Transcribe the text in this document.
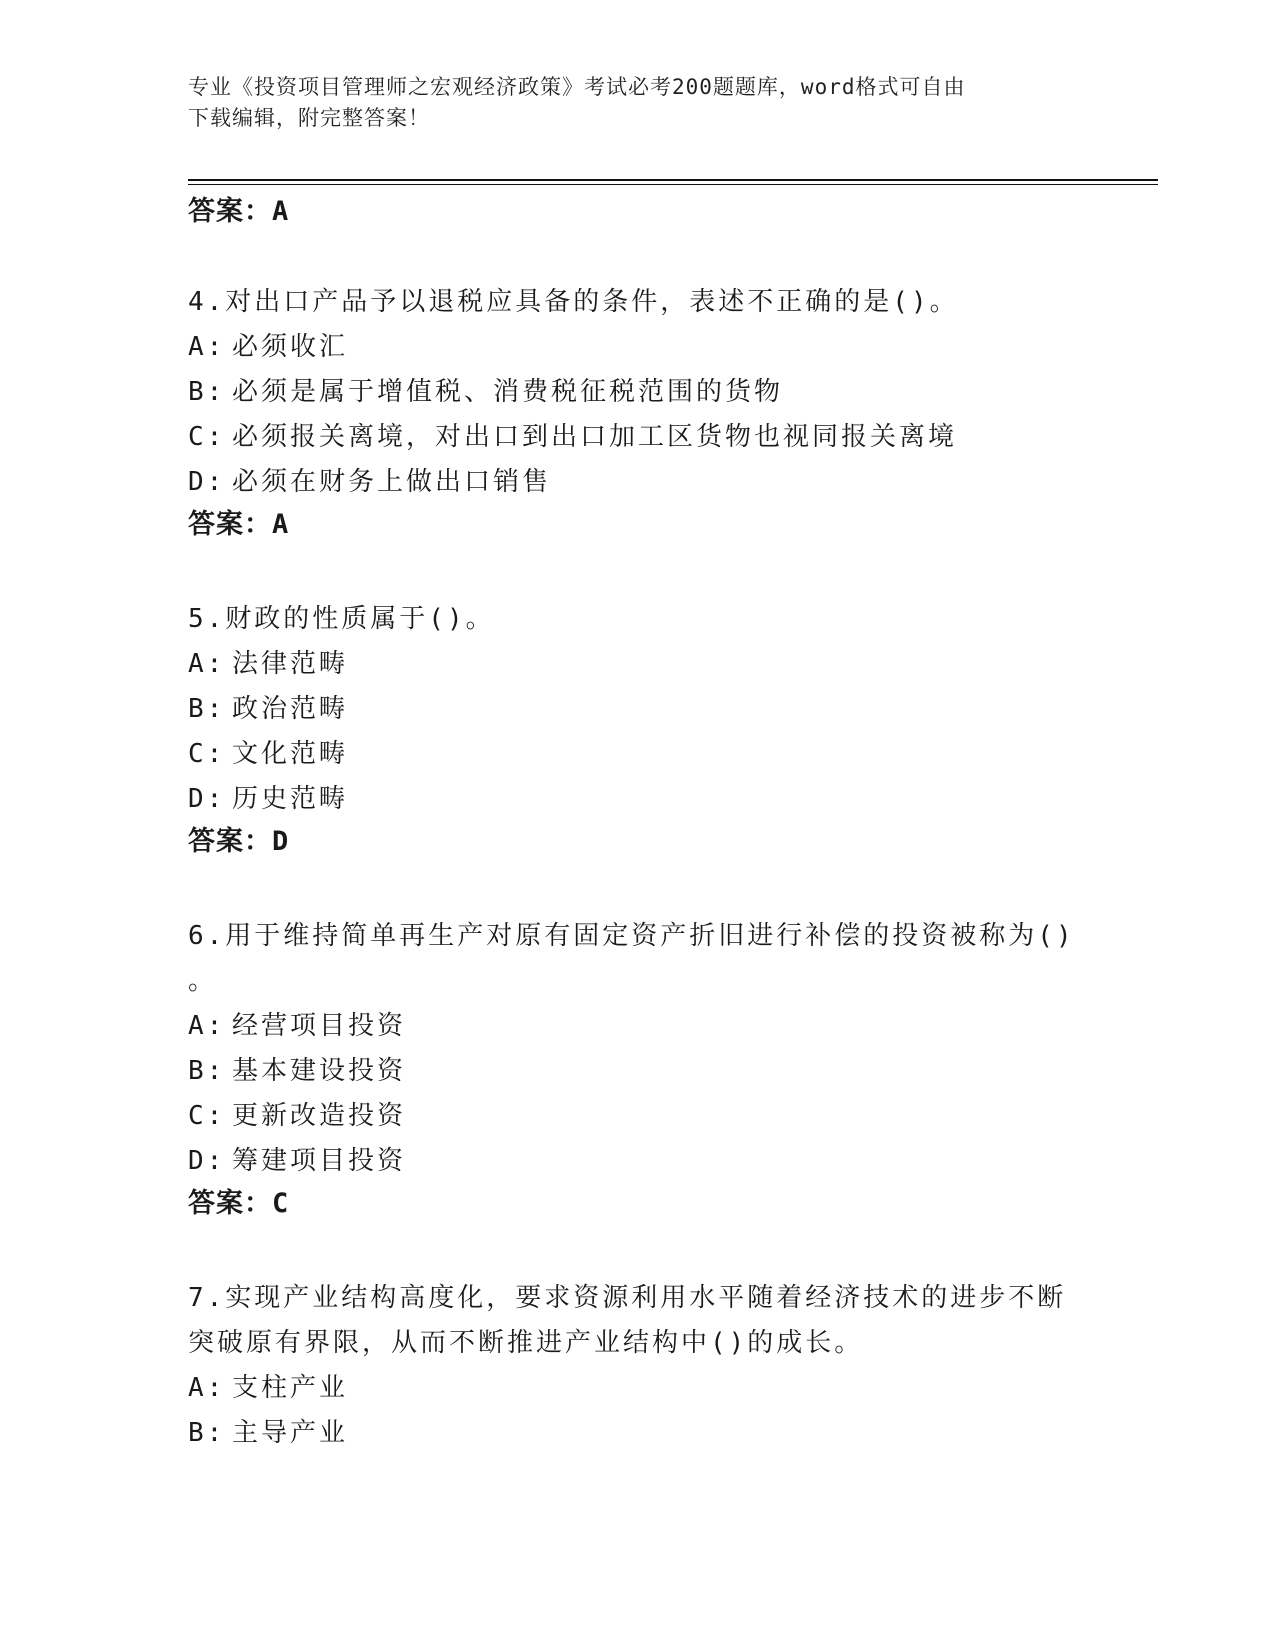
专业《投资项目管理师之宏观经济政策》考试必考200题题库，word格式可自由
下载编辑，附完整答案！

答案：A

4.对出口产品予以退税应具备的条件，表述不正确的是()。

A: 必须收汇

B: 必须是属于增值税、消费税征税范围的货物

C: 必须报关离境，对出口到出口加工区货物也视同报关离境

D: 必须在财务上做出口销售

答案：A

5.财政的性质属于()。

A: 法律范畴

B: 政治范畴

C: 文化范畴

D: 历史范畴

答案：D

6.用于维持简单再生产对原有固定资产折旧进行补偿的投资被称为()

。

A: 经营项目投资

B: 基本建设投资

C: 更新改造投资

D: 筹建项目投资

答案：C

7.实现产业结构高度化，要求资源利用水平随着经济技术的进步不断

突破原有界限，从而不断推进产业结构中()的成长。

A: 支柱产业

B: 主导产业
